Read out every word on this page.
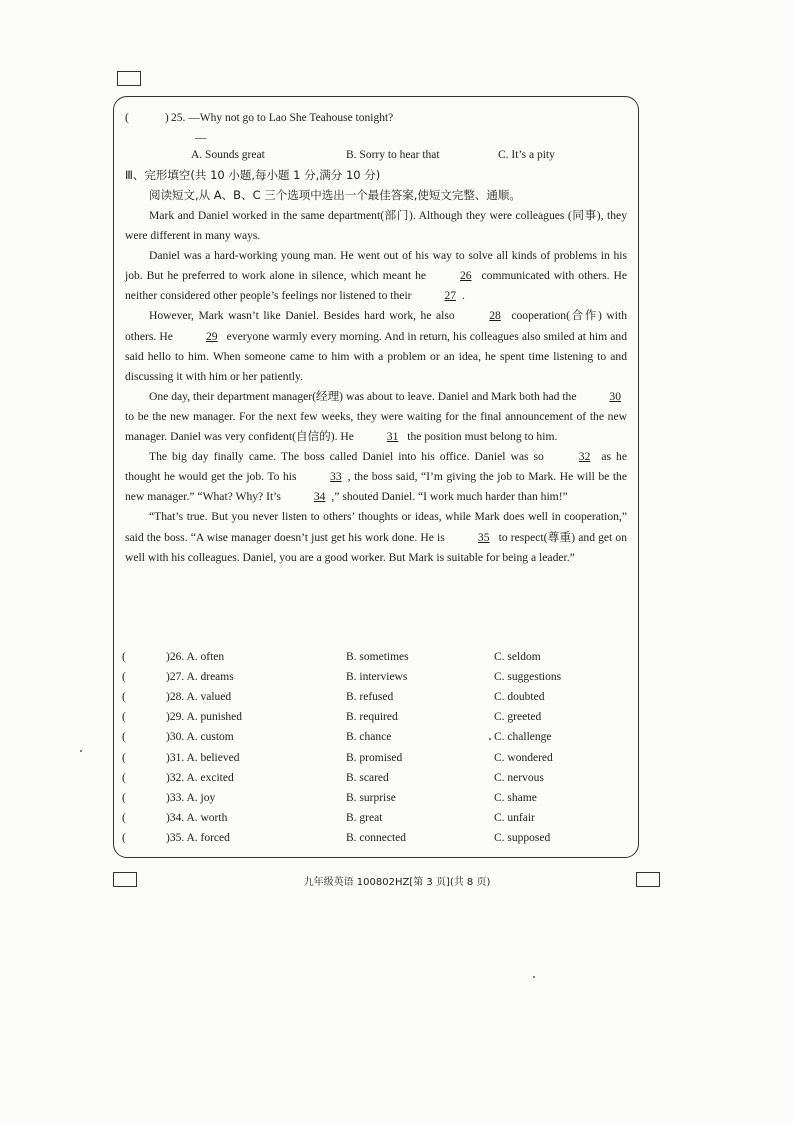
(	) 25. —Why not go to Lao She Teahouse tonight?
—
A. Sounds great	B. Sorry to hear that	C. It’s a pity
Ⅲ、完形填空(共 10 小题,每小题 1 分,满分 10 分)
阅读短文,从 A、B、C 三个选项中选出一个最佳答案,使短文完整、通顺。

Mark and Daniel worked in the same department(部门). Although they were colleagues (同事), they were different in many ways.

Daniel was a hard-working young man. He went out of his way to solve all kinds of problems in his job. But he preferred to work alone in silence, which meant he	26 communicated with others. He neither considered other people’s feelings nor listened to their	27 .

However, Mark wasn’t like Daniel. Besides hard work, he also	28 cooperation(合作) with others. He	29 everyone warmly every morning. And in return, his colleagues also smiled at him and said hello to him. When someone came to him with a problem or an idea, he spent time listening to and discussing it with him or her patiently.

One day, their department manager(经理) was about to leave. Daniel and Mark both had the	30 to be the new manager. For the next few weeks, they were waiting for the final announcement of the new manager. Daniel was very confident(自信的). He	31 the position must belong to him.

The big day finally came. The boss called Daniel into his office. Daniel was so	32 as he thought he would get the job. To his	33 , the boss said, “I’m giving the job to Mark. He will be the new manager.” “What? Why? It’s	34 ,” shouted Daniel. “I work much harder than him!”

“That’s true. But you never listen to others’ thoughts or ideas, while Mark does well in cooperation,” said the boss. “A wise manager doesn’t just get his work done. He is	35 to respect(尊重) and get on well with his colleagues. Daniel, you are a good worker. But Mark is suitable for being a leader.”

(	)26. A. often	B. sometimes	C. seldom
(	)27. A. dreams	B. interviews	C. suggestions
(	)28. A. valued	B. refused	C. doubted
(	)29. A. punished	B. required	C. greeted
(	)30. A. custom	B. chance	C. challenge
(	)31. A. believed	B. promised	C. wondered
(	)32. A. excited	B. scared	C. nervous
(	)33. A. joy	B. surprise	C. shame
(	)34. A. worth	B. great	C. unfair
(	)35. A. forced	B. connected	C. supposed
九年级英语 100802HZ[第 3 页](共 8 页)
